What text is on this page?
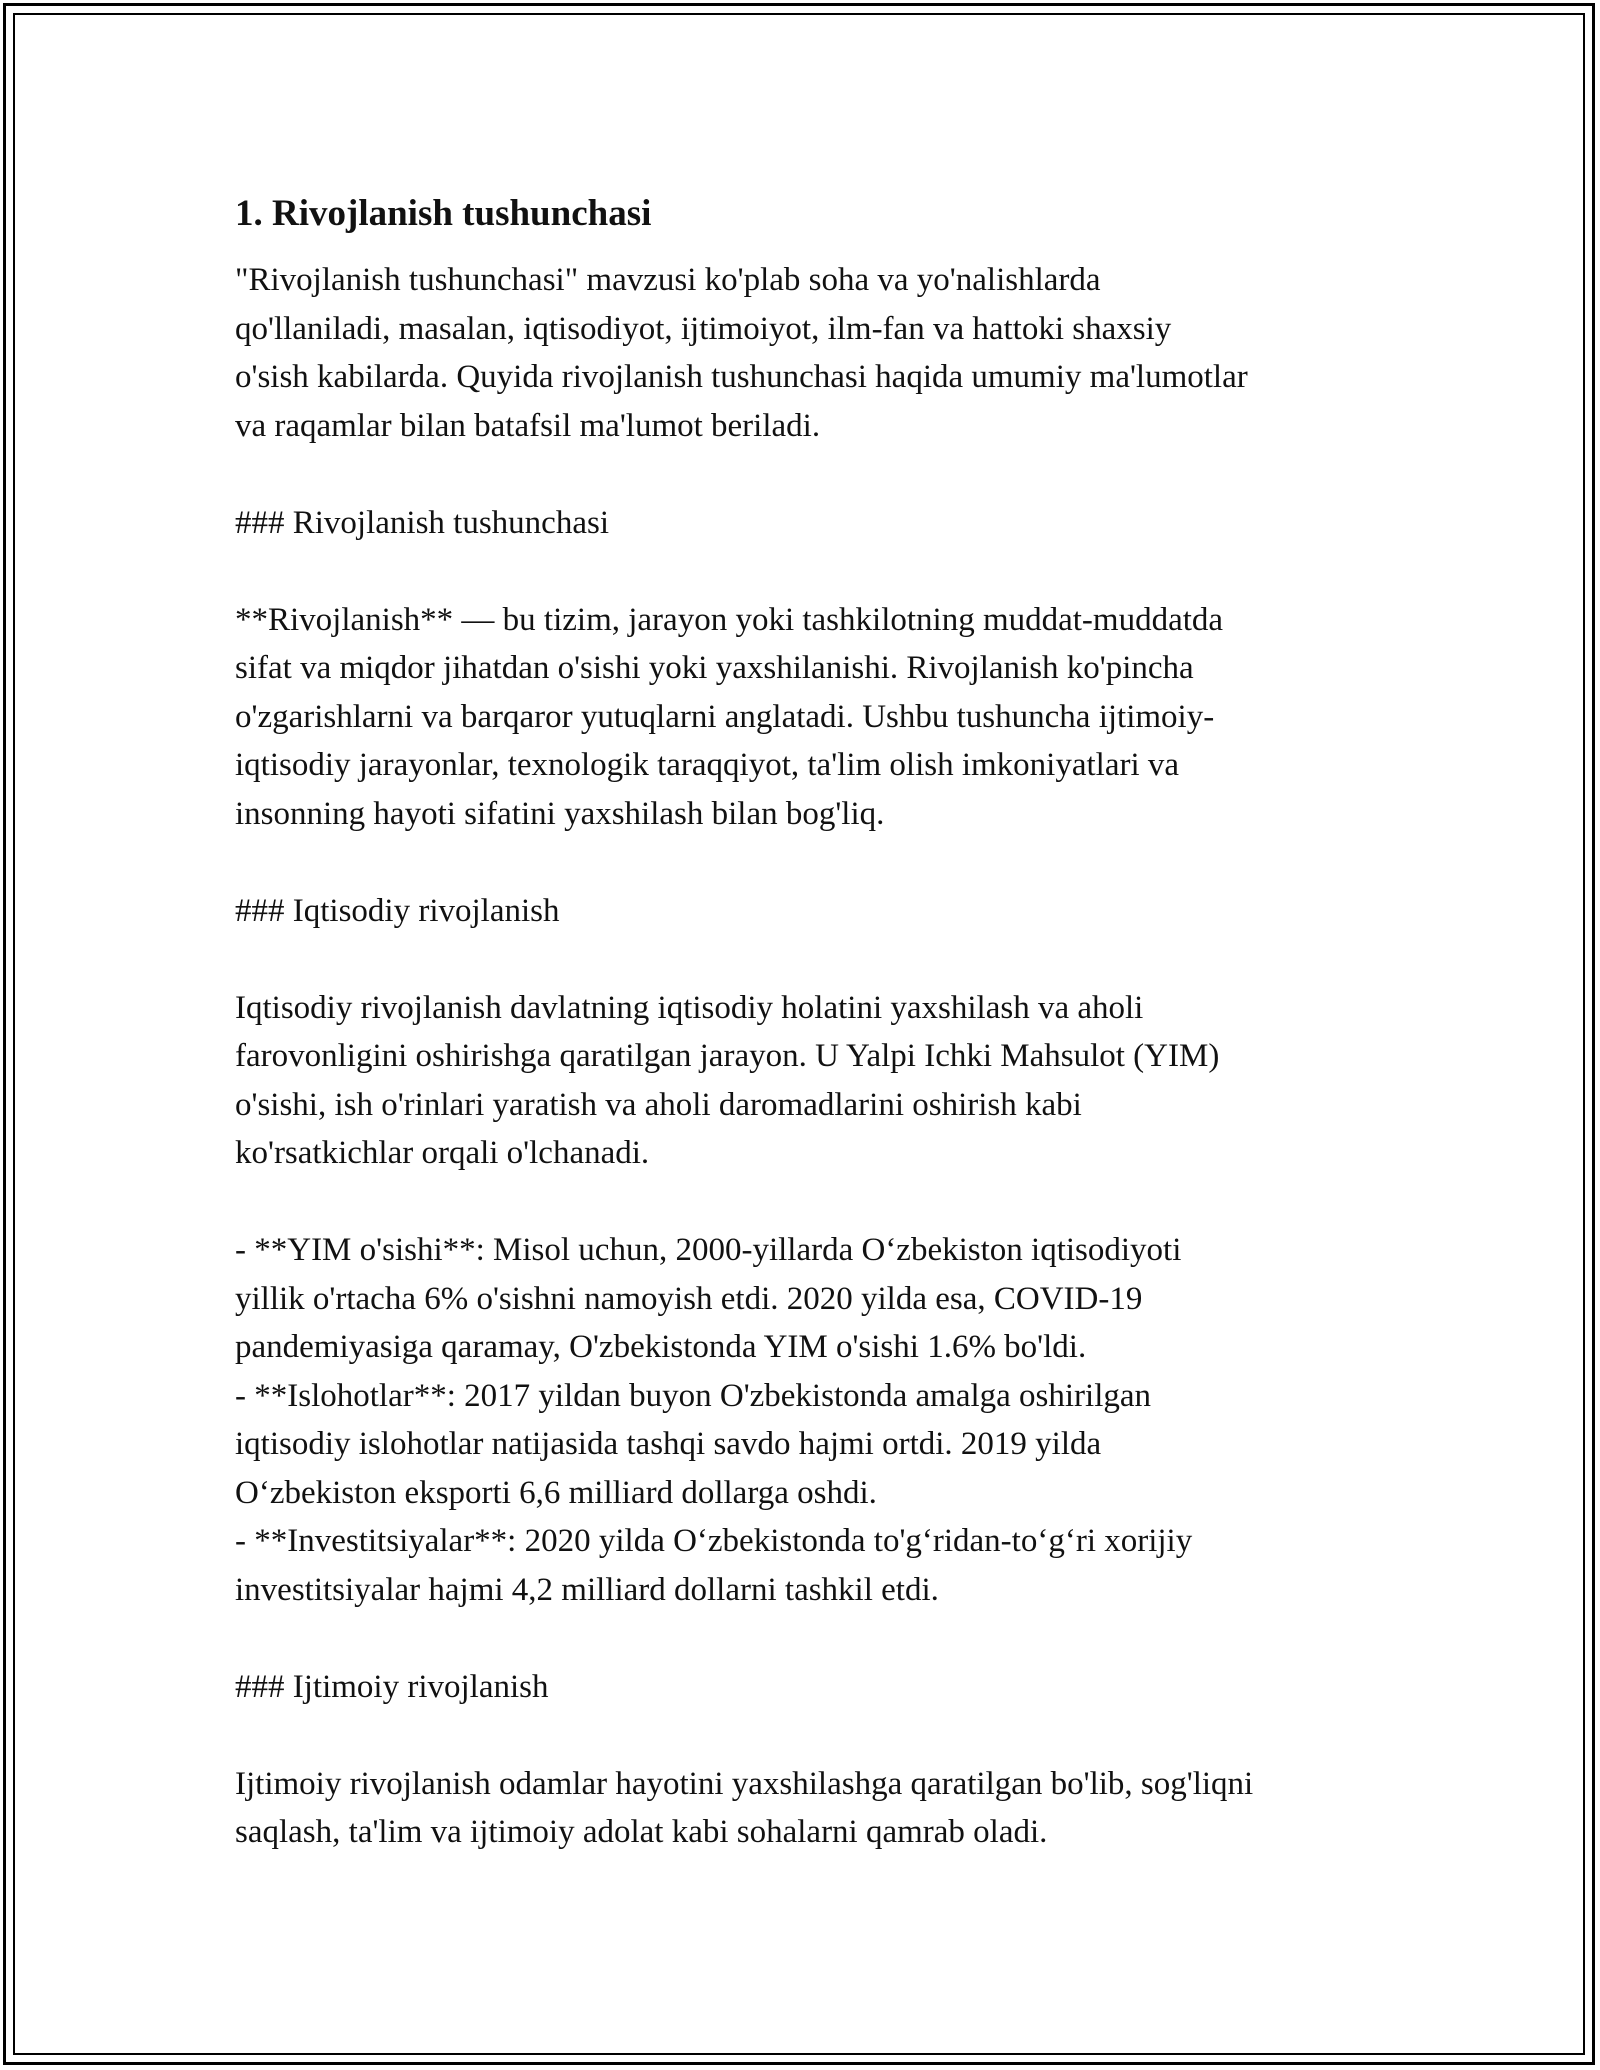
1. Rivojlanish tushunchasi
"Rivojlanish tushunchasi" mavzusi ko'plab soha va yo'nalishlarda
qo'llaniladi, masalan, iqtisodiyot, ijtimoiyot, ilm-fan va hattoki shaxsiy
o'sish kabilarda. Quyida rivojlanish tushunchasi haqida umumiy ma'lumotlar
va raqamlar bilan batafsil ma'lumot beriladi.
### Rivojlanish tushunchasi
**Rivojlanish** — bu tizim, jarayon yoki tashkilotning muddat-muddatda
sifat va miqdor jihatdan o'sishi yoki yaxshilanishi. Rivojlanish ko'pincha
o'zgarishlarni va barqaror yutuqlarni anglatadi. Ushbu tushuncha ijtimoiy-
iqtisodiy jarayonlar, texnologik taraqqiyot, ta'lim olish imkoniyatlari va
insonning hayoti sifatini yaxshilash bilan bog'liq.
### Iqtisodiy rivojlanish
Iqtisodiy rivojlanish davlatning iqtisodiy holatini yaxshilash va aholi
farovonligini oshirishga qaratilgan jarayon. U Yalpi Ichki Mahsulot (YIM)
o'sishi, ish o'rinlari yaratish va aholi daromadlarini oshirish kabi
ko'rsatkichlar orqali o'lchanadi.
- **YIM o'sishi**: Misol uchun, 2000-yillarda O‘zbekiston iqtisodiyoti
yillik o'rtacha 6% o'sishni namoyish etdi. 2020 yilda esa, COVID-19
pandemiyasiga qaramay, O'zbekistonda YIM o'sishi 1.6% bo'ldi.
- **Islohotlar**: 2017 yildan buyon O'zbekistonda amalga oshirilgan
iqtisodiy islohotlar natijasida tashqi savdo hajmi ortdi. 2019 yilda
O‘zbekiston eksporti 6,6 milliard dollarga oshdi.
- **Investitsiyalar**: 2020 yilda O‘zbekistonda to'g‘ridan-to‘g‘ri xorijiy
investitsiyalar hajmi 4,2 milliard dollarni tashkil etdi.
### Ijtimoiy rivojlanish
Ijtimoiy rivojlanish odamlar hayotini yaxshilashga qaratilgan bo'lib, sog'liqni
saqlash, ta'lim va ijtimoiy adolat kabi sohalarni qamrab oladi.
